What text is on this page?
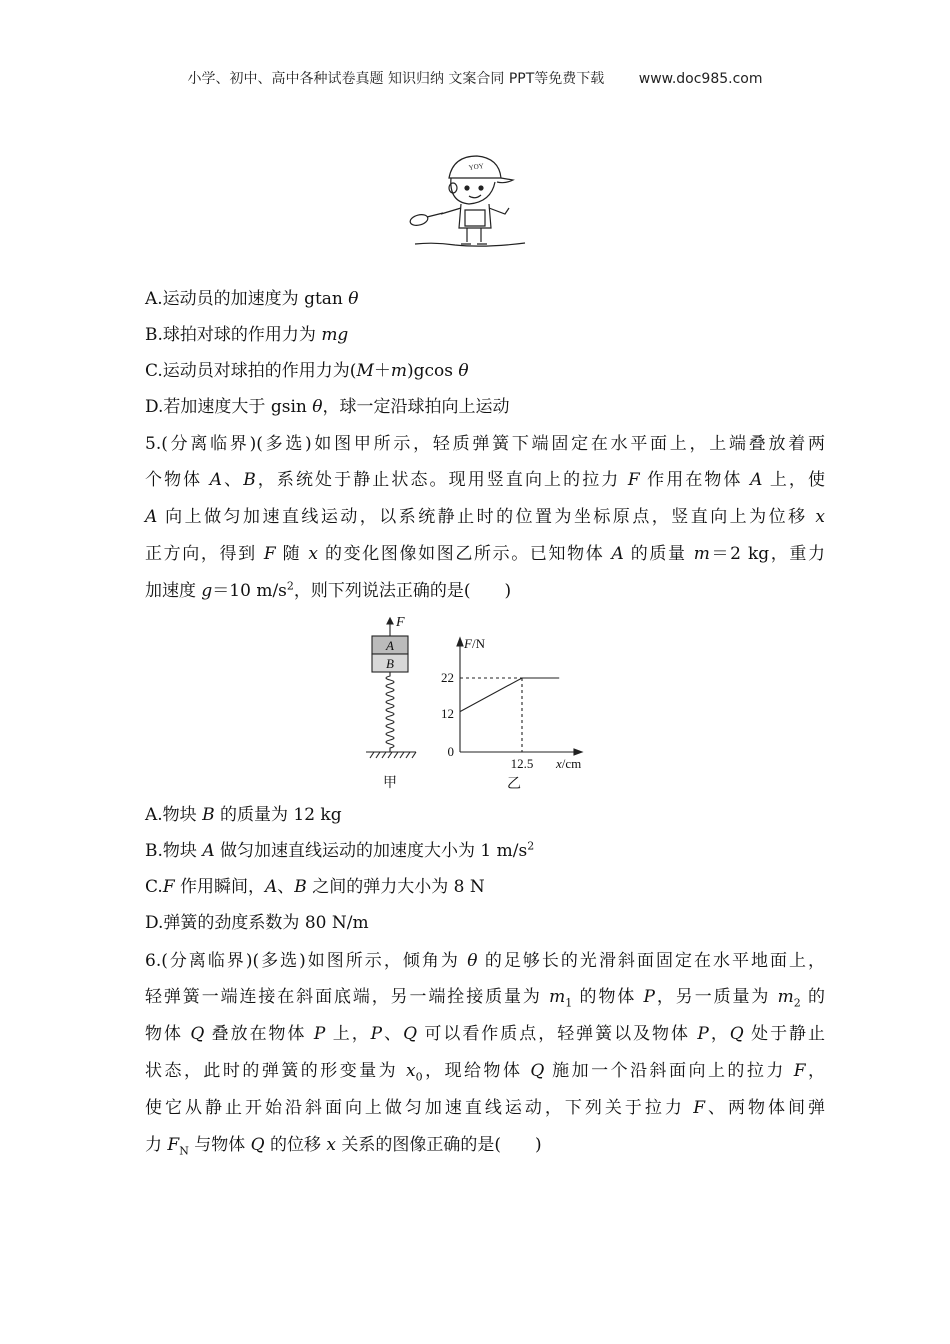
小学、初中、高中各种试卷真题 知识归纳 文案合同 PPT等免费下载 www.doc985.com
YOY
A.运动员的加速度为 gtan θ
B.球拍对球的作用力为 mg
C.运动员对球拍的作用力为(M＋m)gcos θ
D.若加速度大于 gsin θ，球一定沿球拍向上运动
5.(分离临界)(多选)如图甲所示，轻质弹簧下端固定在水平面上，上端叠放着两
个物体 A、B，系统处于静止状态。现用竖直向上的拉力 F 作用在物体 A 上，使
A 向上做匀加速直线运动，以系统静止时的位置为坐标原点，竖直向上为位移 x
正方向，得到 F 随 x 的变化图像如图乙所示。已知物体 A 的质量 m＝2 kg，重力
加速度 g＝10 $m/s^2$，则下列说法正确的是(　　)
F
A
B
甲
F/N
x/cm
22
12
0
12.5
乙
A.物块 B 的质量为 12 kg
B.物块 A 做匀加速直线运动的加速度大小为 1 $m/s^2$
C.F 作用瞬间，A、B 之间的弹力大小为 8 N
D.弹簧的劲度系数为 80 N/m
6.(分离临界)(多选)如图所示，倾角为 θ 的足够长的光滑斜面固定在水平地面上，
轻弹簧一端连接在斜面底端，另一端拴接质量为 $m_1$ 的物体 P，另一质量为 $m_2$ 的
物体 Q 叠放在物体 P 上，P、Q 可以看作质点，轻弹簧以及物体 P，Q 处于静止
状态，此时的弹簧的形变量为 $x_0$，现给物体 Q 施加一个沿斜面向上的拉力 F，
使它从静止开始沿斜面向上做匀加速直线运动，下列关于拉力 F、两物体间弹
力 $F_N$ 与物体 Q 的位移 x 关系的图像正确的是(　　)
